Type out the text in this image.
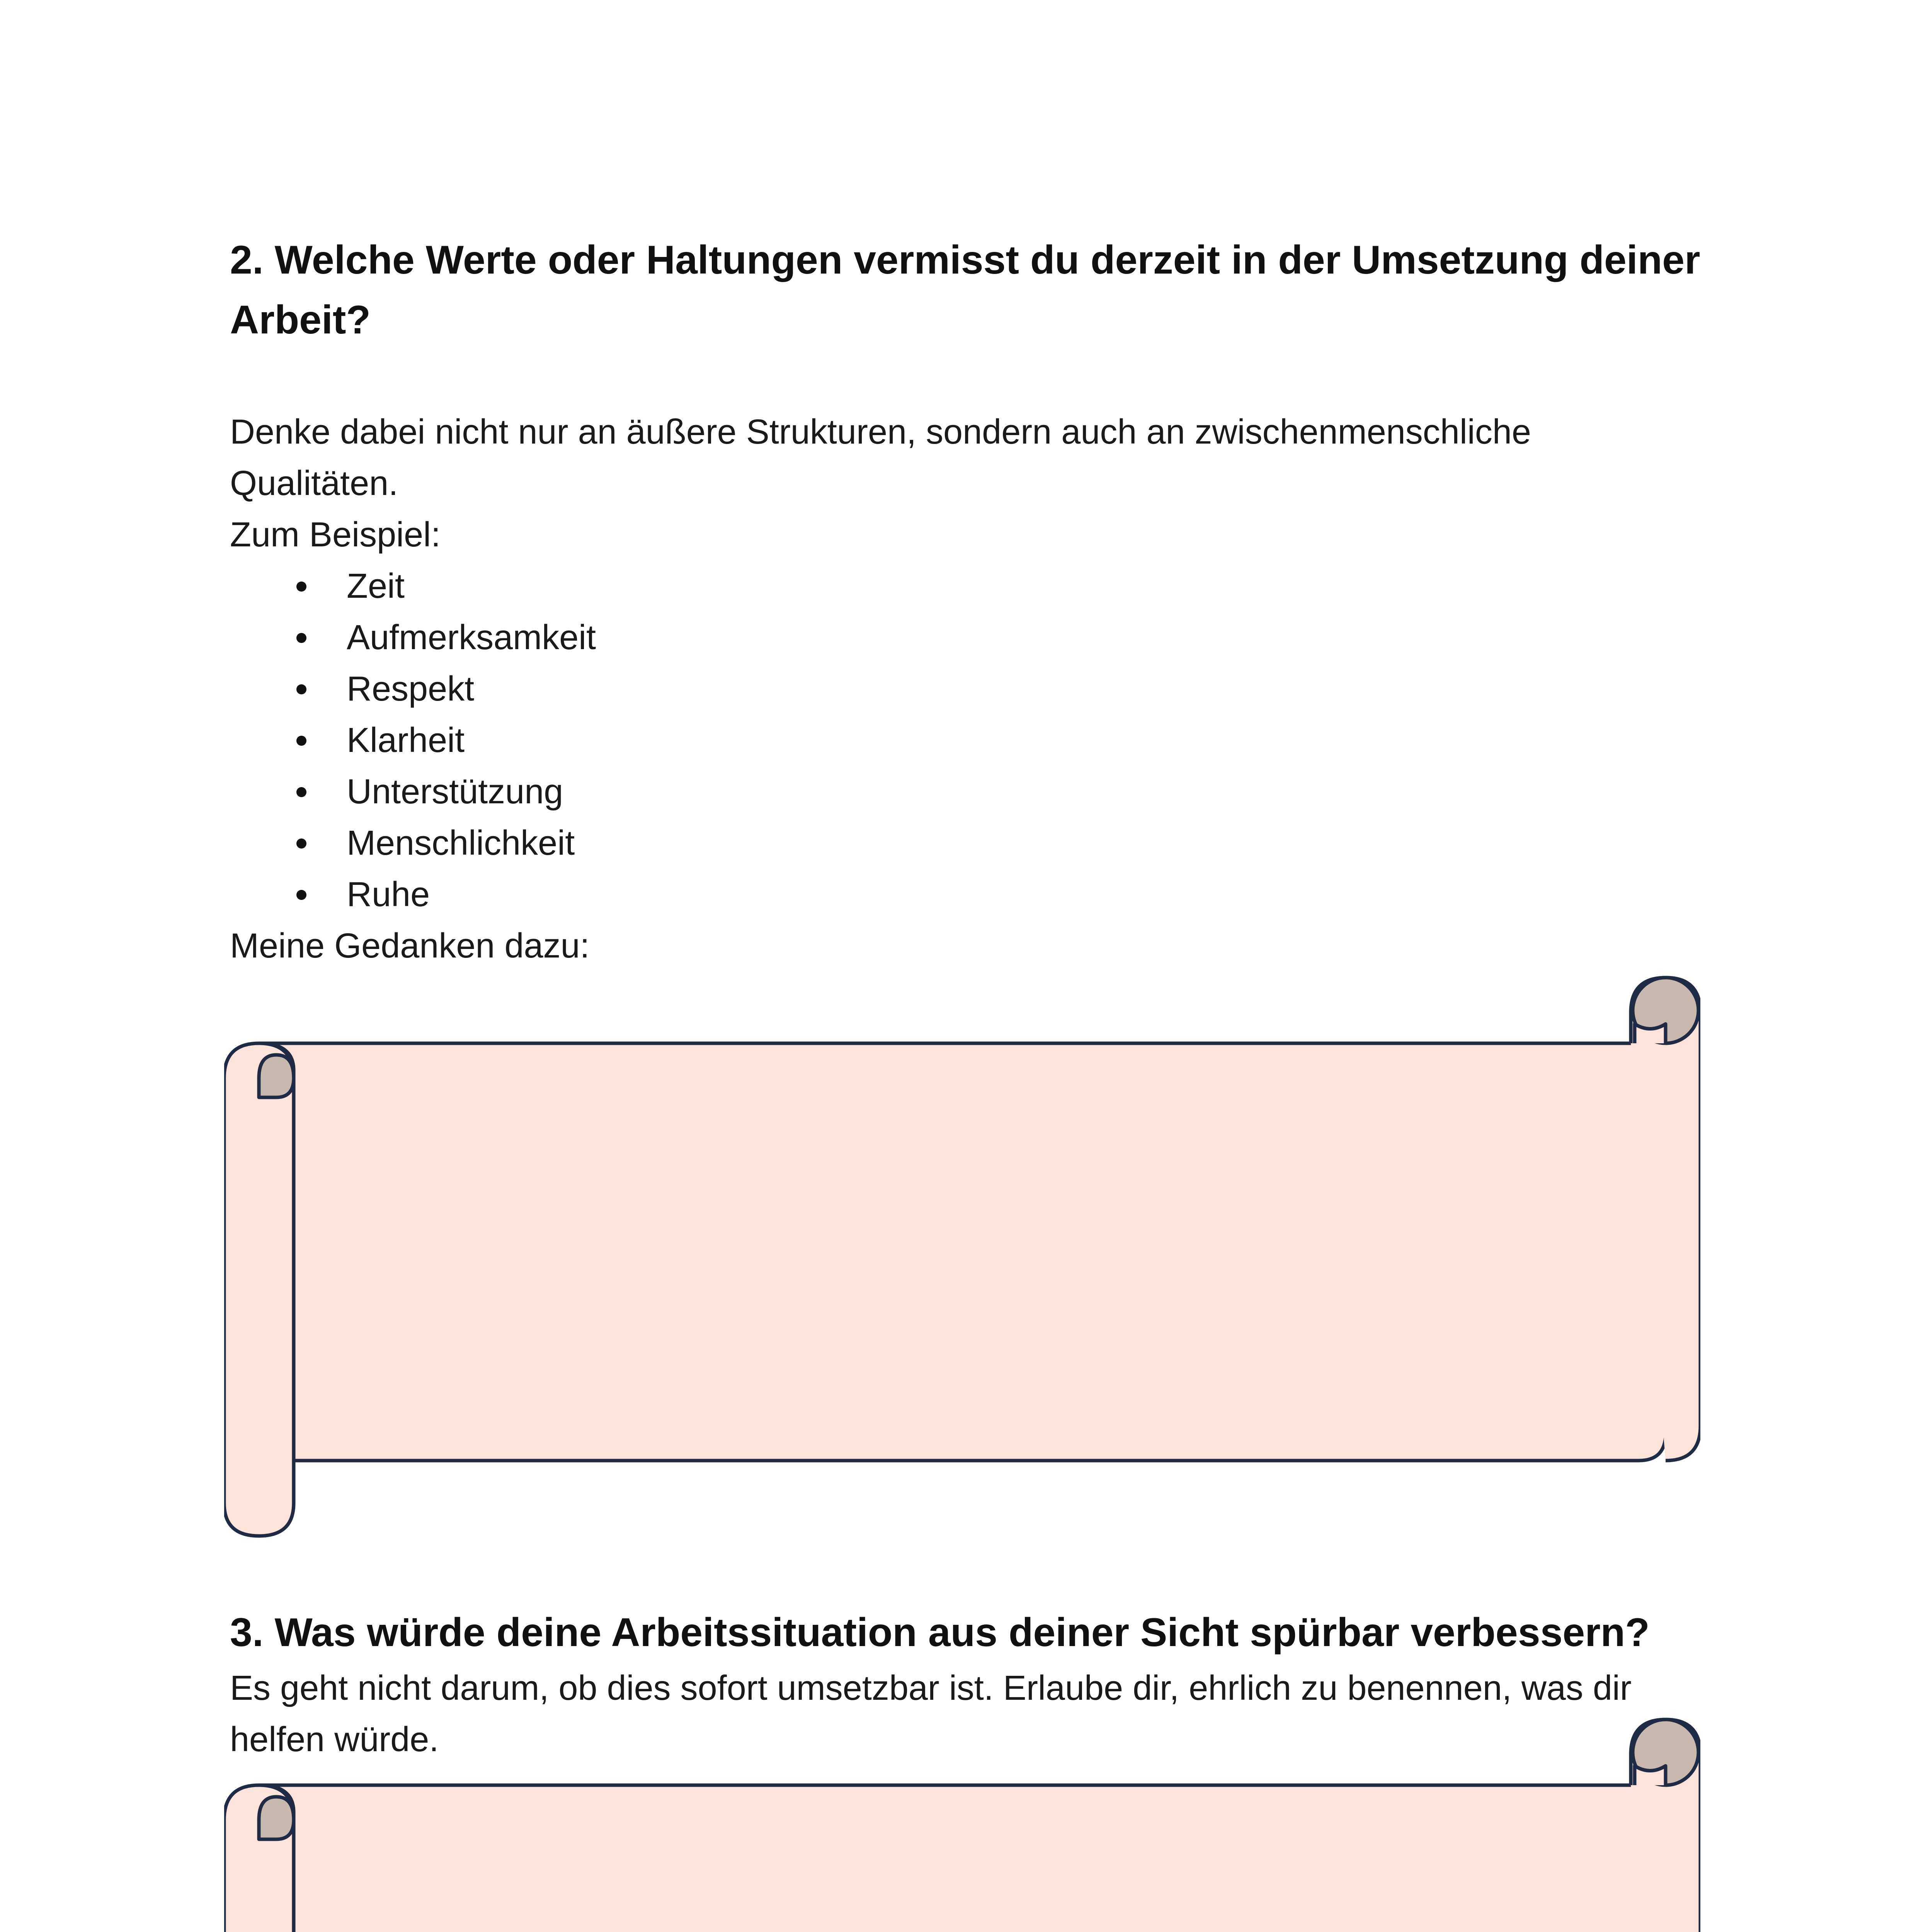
2. Welche Werte oder Haltungen vermisst du derzeit in der Umsetzung deiner

Arbeit?

Denke dabei nicht nur an äußere Strukturen, sondern auch an zwischenmenschliche

Qualitäten.

Zum Beispiel:

Zeit
Aufmerksamkeit
Respekt
Klarheit
Unterstützung
Menschlichkeit
Ruhe

Meine Gedanken dazu:

3. Was würde deine Arbeitssituation aus deiner Sicht spürbar verbessern?

Es geht nicht darum, ob dies sofort umsetzbar ist. Erlaube dir, ehrlich zu benennen, was dir

helfen würde.
